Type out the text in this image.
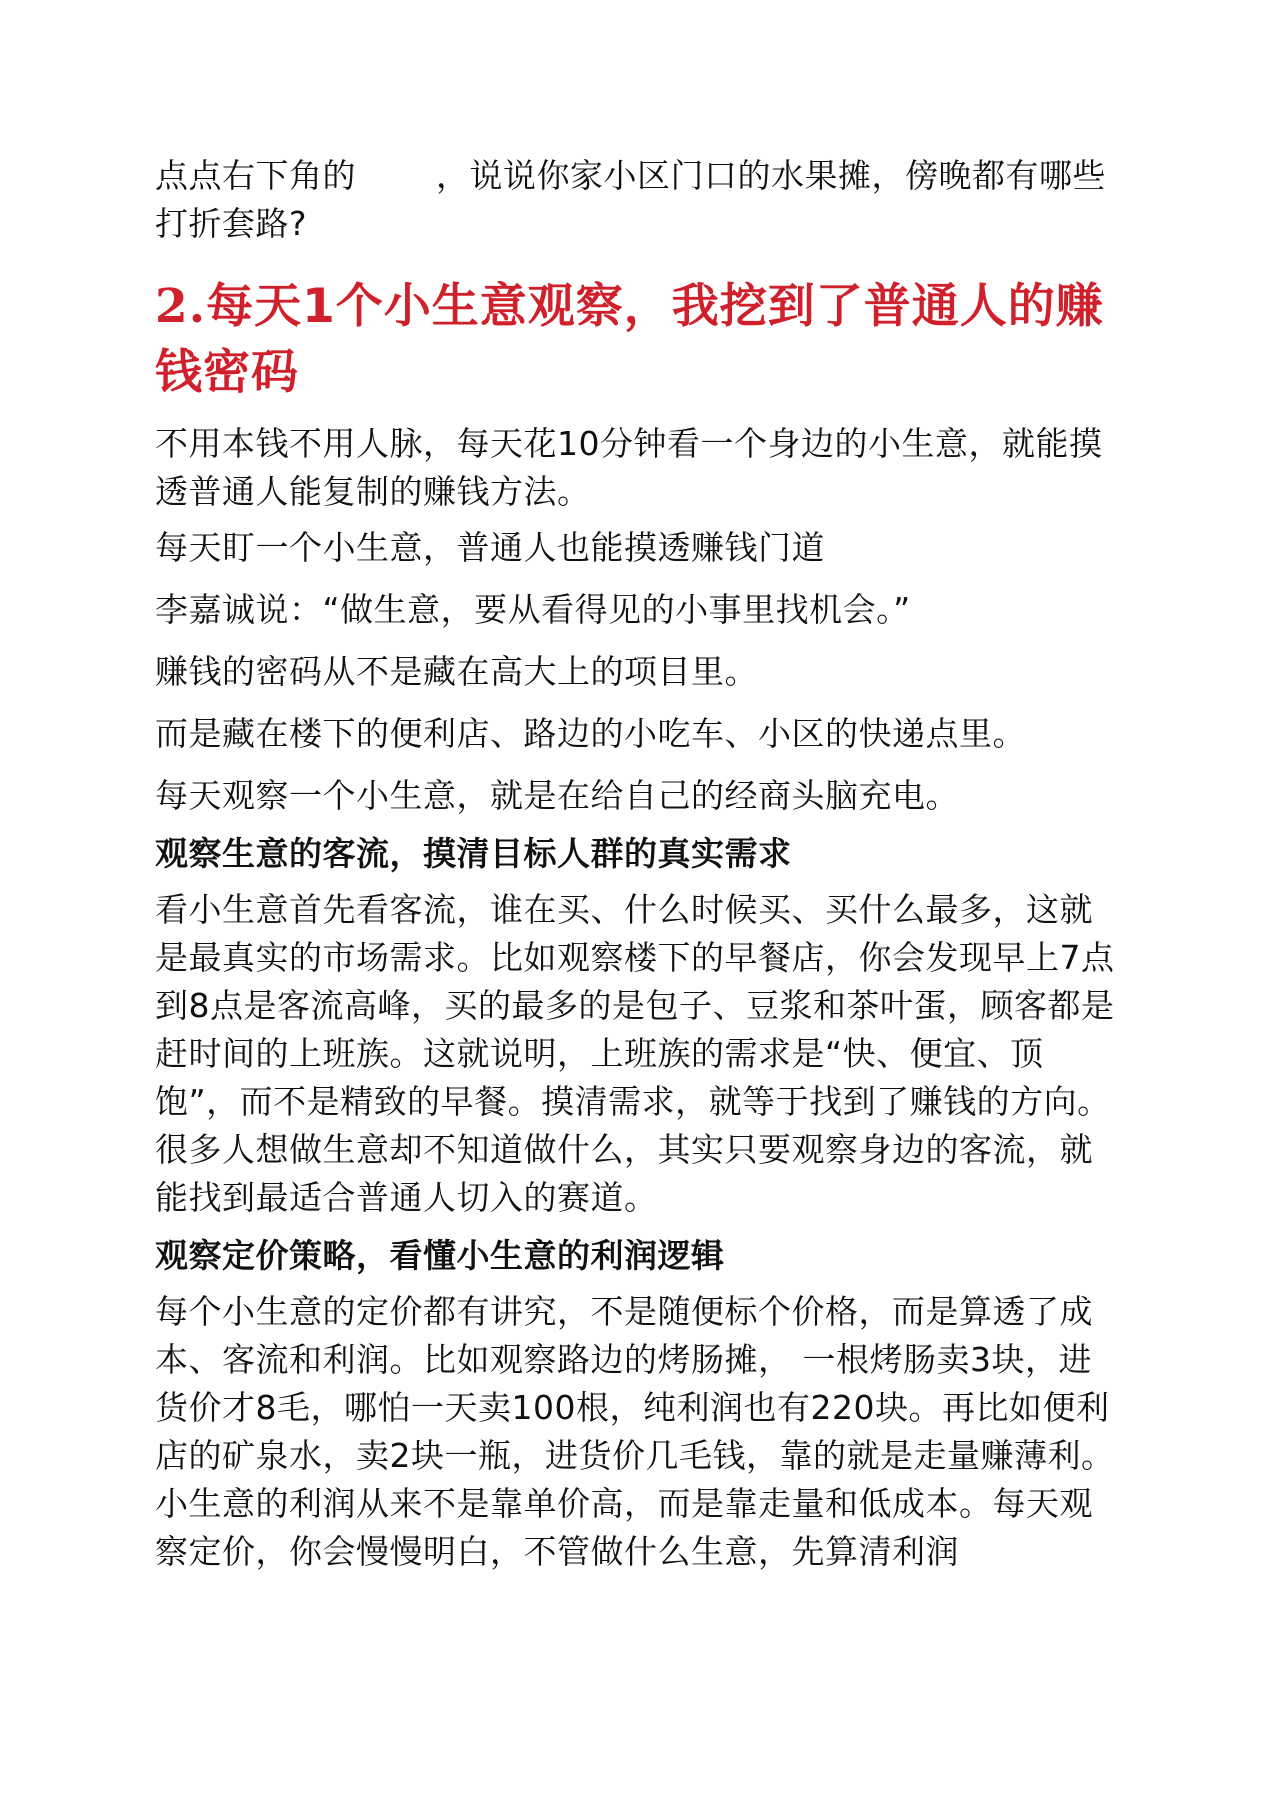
点点右下角的 ，说说你家小区门口的水果摊，傍晚都有哪些打折套路?

2.每天1个小生意观察，我挖到了普通人的赚钱密码

不用本钱不用人脉，每天花10分钟看一个身边的小生意，就能摸透普通人能复制的赚钱方法。

每天盯一个小生意，普通人也能摸透赚钱门道

李嘉诚说：“做生意，要从看得见的小事里找机会。”

赚钱的密码从不是藏在高大上的项目里。

而是藏在楼下的便利店、路边的小吃车、小区的快递点里。

每天观察一个小生意，就是在给自己的经商头脑充电。

观察生意的客流，摸清目标人群的真实需求

看小生意首先看客流，谁在买、什么时候买、买什么最多，这就是最真实的市场需求。比如观察楼下的早餐店，你会发现早上7点到8点是客流高峰，买的最多的是包子、豆浆和茶叶蛋，顾客都是赶时间的上班族。这就说明，上班族的需求是“快、便宜、顶饱”，而不是精致的早餐。摸清需求，就等于找到了赚钱的方向。很多人想做生意却不知道做什么，其实只要观察身边的客流，就能找到最适合普通人切入的赛道。

观察定价策略，看懂小生意的利润逻辑

每个小生意的定价都有讲究，不是随便标个价格，而是算透了成本、客流和利润。比如观察路边的烤肠摊， 一根烤肠卖3块，进货价才8毛，哪怕一天卖100根，纯利润也有220块。再比如便利店的矿泉水，卖2块一瓶，进货价几毛钱，靠的就是走量赚薄利。小生意的利润从来不是靠单价高，而是靠走量和低成本。每天观察定价，你会慢慢明白，不管做什么生意，先算清利润
